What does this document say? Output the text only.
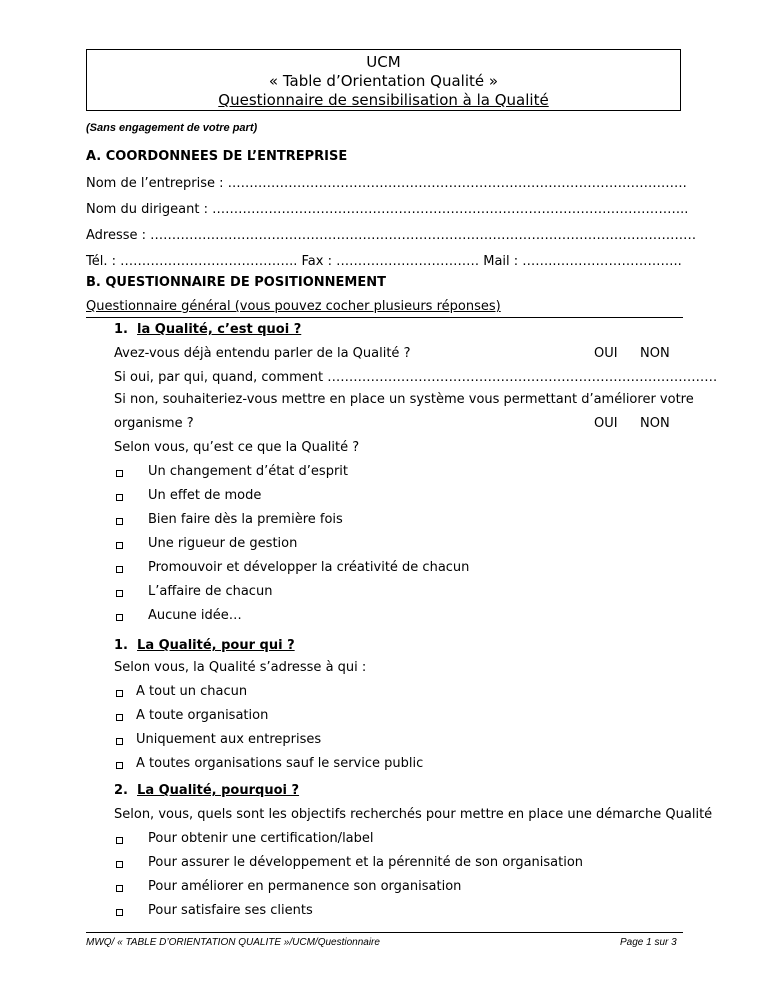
UCM
« Table d’Orientation Qualité »
Questionnaire de sensibilisation à la Qualité
(Sans engagement de votre part)
A. COORDONNEES DE L’ENTREPRISE
Nom de l’entreprise : …………………………………………………………………………………………….
Nom du dirigeant : ………………………………………………………………………………………………..
Adresse : ………………………………………………………………………………………………………………
Tél. : ………………………………….. Fax : …………………………… Mail : ……..………………………..
B. QUESTIONNAIRE DE POSITIONNEMENT
Questionnaire général (vous pouvez cocher plusieurs réponses)
1. la Qualité, c’est quoi ?
Avez-vous déjà entendu parler de la Qualité ?	OUI NON
Si oui, par qui, quand, comment ………………………………………………………………………………
Si non, souhaiteriez-vous mettre en place un système vous permettant d’améliorer votre
organisme ?	OUI NON
Selon vous, qu’est ce que la Qualité ?
Un changement d’état d’esprit
Un effet de mode
Bien faire dès la première fois
Une rigueur de gestion
Promouvoir et développer la créativité de chacun
L’affaire de chacun
Aucune idée…
1. La Qualité, pour qui ?
Selon vous, la Qualité s’adresse à qui :
A tout un chacun
A toute organisation
Uniquement aux entreprises
A toutes organisations sauf le service public
2. La Qualité, pourquoi ?
Selon, vous, quels sont les objectifs recherchés pour mettre en place une démarche Qualité
Pour obtenir une certification/label
Pour assurer le développement et la pérennité de son organisation
Pour améliorer en permanence son organisation
Pour satisfaire ses clients
MWQ/ « TABLE D’ORIENTATION QUALITE »/UCM/Questionnaire	Page 1 sur 3
